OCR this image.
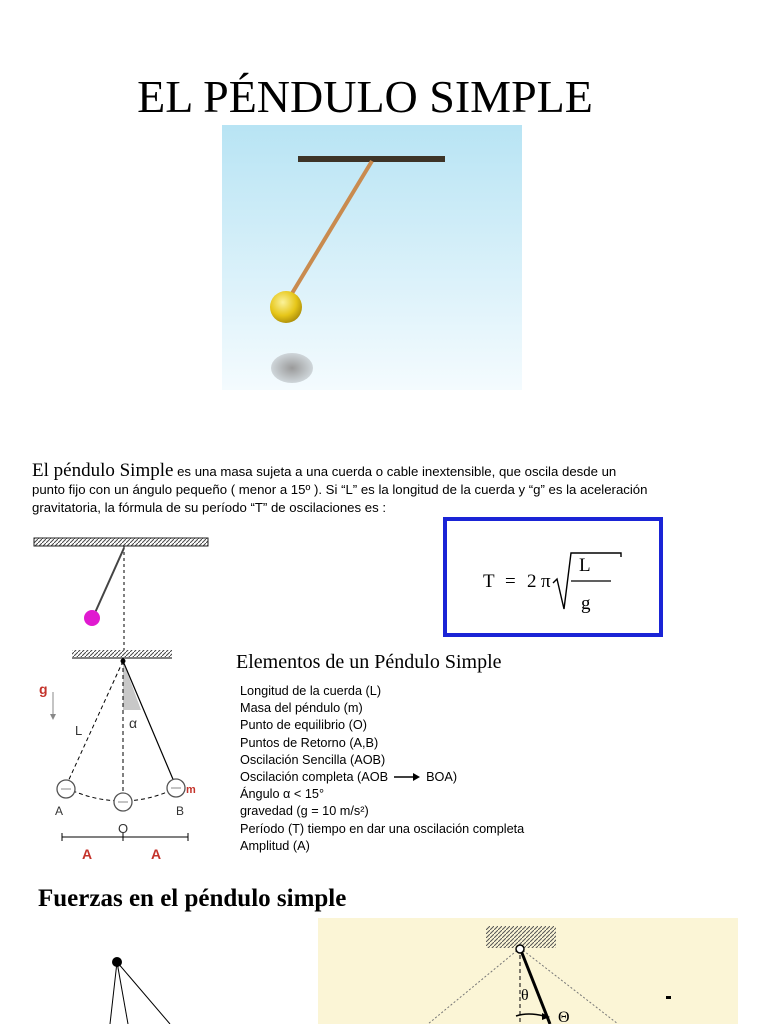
EL PÉNDULO SIMPLE
El péndulo Simple es una masa sujeta a una cuerda o cable inextensible, que oscila desde un
punto fijo con un ángulo pequeño ( menor a 15º ). Si “L” es la longitud de la cuerda y “g” es la aceleración
gravitatoria, la fórmula de su período “T” de oscilaciones es :
T = 2 π
L
g
g
L	α
A	B
m
O
A	A
Elementos de un Péndulo Simple
Longitud de la cuerda (L)
Masa del péndulo (m)
Punto de equilibrio (O)
Puntos de Retorno (A,B)
Oscilación Sencilla (AOB)
Oscilación completa (AOB	BOA)
Ángulo α < 15°
gravedad (g = 10 m/s²)
Período (T) tiempo en dar una oscilación completa
Amplitud (A)
Fuerzas en el péndulo simple
θ
Θ
